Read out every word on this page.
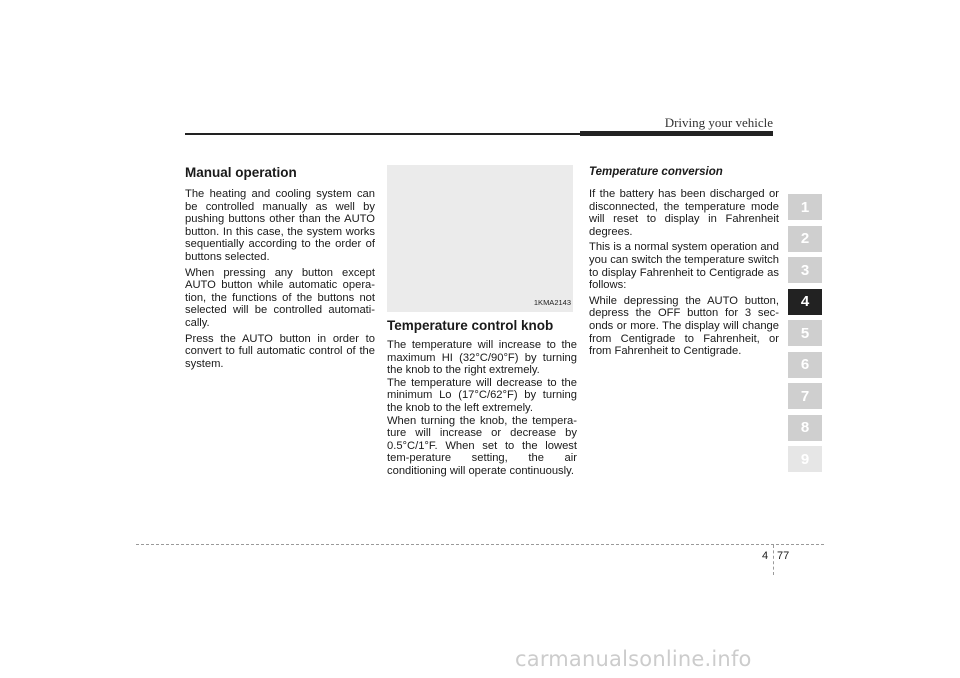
Driving your vehicle
Manual operation

The heating and cooling system can be controlled manually as well by pushing buttons other than the AUTO button. In this case, the system works sequentially according to the order of buttons selected.

When pressing any button except AUTO button while automatic opera-tion, the functions of the buttons not selected will be controlled automati-cally.

Press the AUTO button in order to convert to full automatic control of the system.

1KMA2143
Temperature control knob

The temperature will increase to the maximum HI (32°C/90°F) by turning the knob to the right extremely.

The temperature will decrease to the minimum Lo (17°C/62°F) by turning the knob to the left extremely.

When turning the knob, the tempera-ture will increase or decrease by 0.5°C/1°F. When set to the lowest tem-perature setting, the air conditioning will operate continuously.

Temperature conversion

If the battery has been discharged or disconnected, the temperature mode will reset to display in Fahrenheit degrees.

This is a normal system operation and you can switch the temperature switch to display Fahrenheit to Centigrade as follows:

While depressing the AUTO button, depress the OFF button for 3 sec-onds or more. The display will change from Centigrade to Fahrenheit, or from Fahrenheit to Centigrade.

1
2
3
4
5
6
7
8
9
4 77
carmanualsonline.info
